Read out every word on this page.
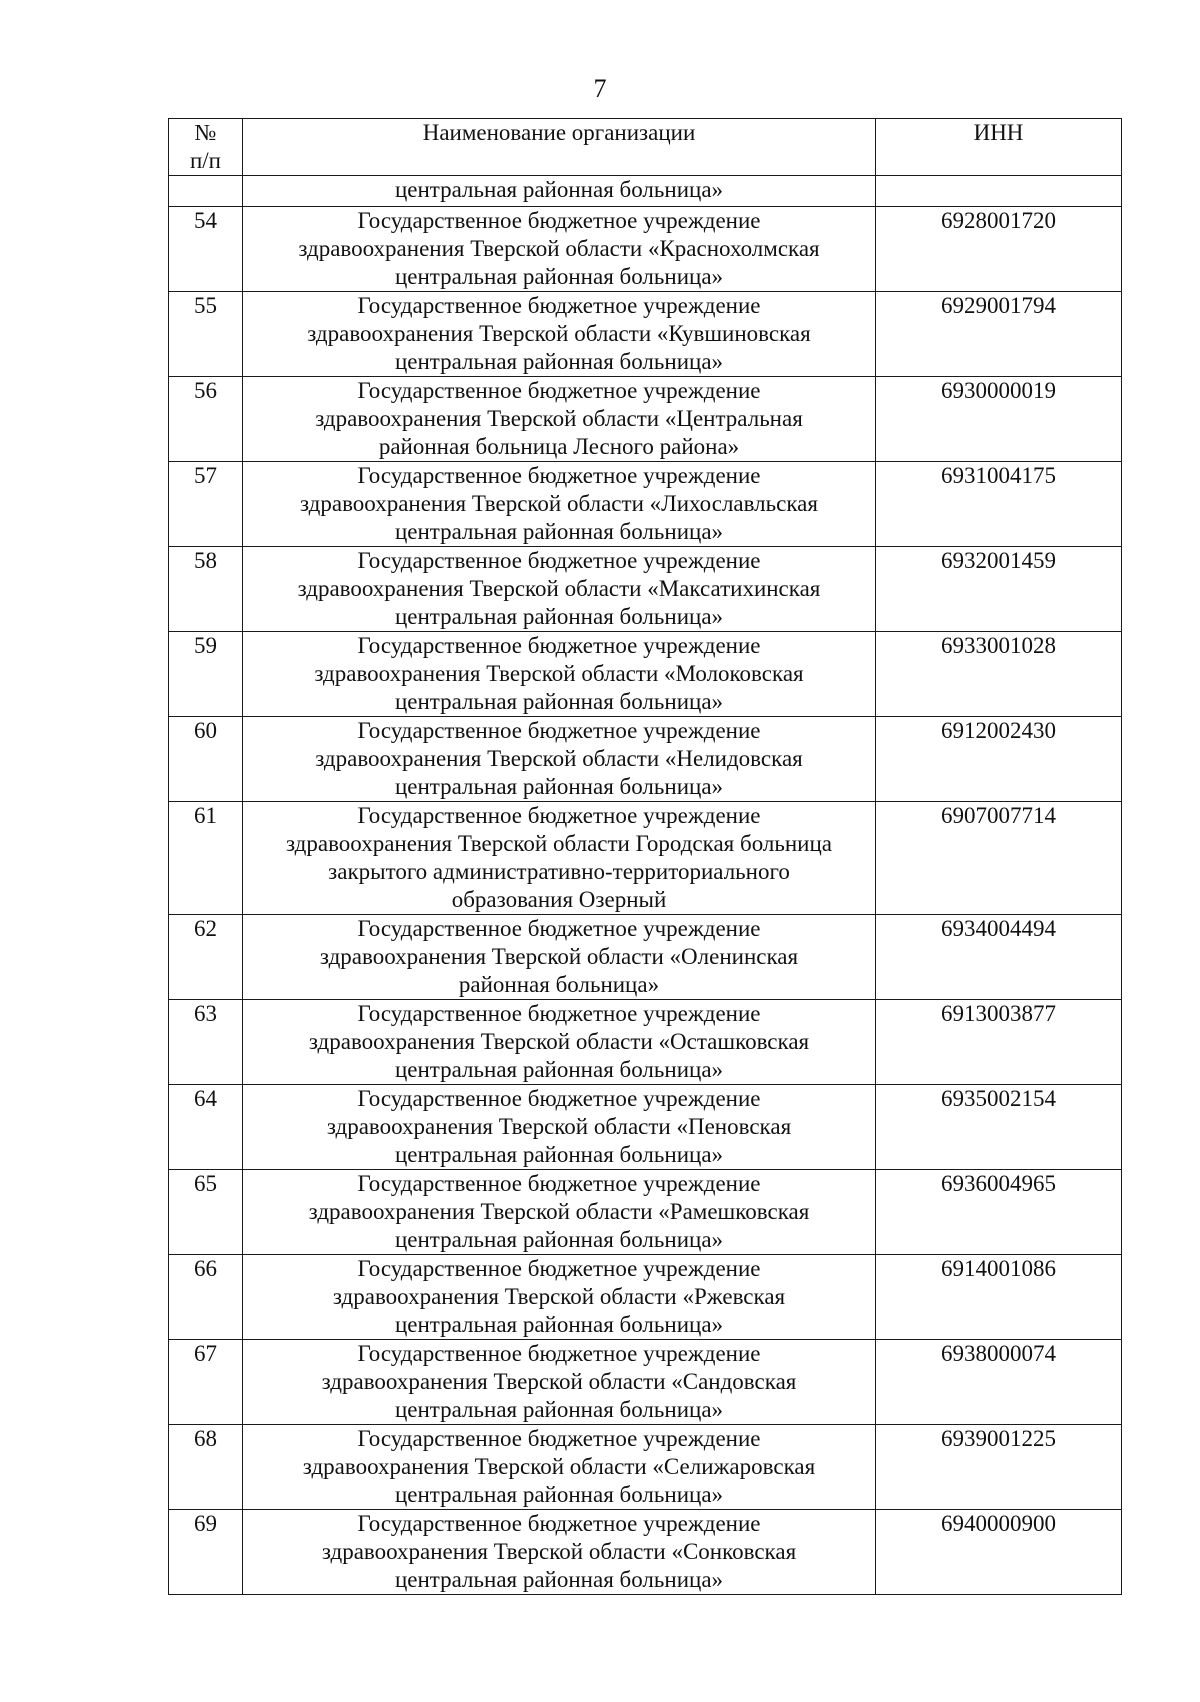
7
№
п/п	Наименование организации	ИНН
	центральная районная больница»	
54	Государственное бюджетное учреждение
здравоохранения Тверской области «Краснохолмская
центральная районная больница»	6928001720
55	Государственное бюджетное учреждение
здравоохранения Тверской области «Кувшиновская
центральная районная больница»	6929001794
56	Государственное бюджетное учреждение
здравоохранения Тверской области «Центральная
районная больница Лесного района»	6930000019
57	Государственное бюджетное учреждение
здравоохранения Тверской области «Лихославльская
центральная районная больница»	6931004175
58	Государственное бюджетное учреждение
здравоохранения Тверской области «Максатихинская
центральная районная больница»	6932001459
59	Государственное бюджетное учреждение
здравоохранения Тверской области «Молоковская
центральная районная больница»	6933001028
60	Государственное бюджетное учреждение
здравоохранения Тверской области «Нелидовская
центральная районная больница»	6912002430
61	Государственное бюджетное учреждение
здравоохранения Тверской области Городская больница
закрытого административно-территориального
образования Озерный	6907007714
62	Государственное бюджетное учреждение
здравоохранения Тверской области «Оленинская
районная больница»	6934004494
63	Государственное бюджетное учреждение
здравоохранения Тверской области «Осташковская
центральная районная больница»	6913003877
64	Государственное бюджетное учреждение
здравоохранения Тверской области «Пеновская
центральная районная больница»	6935002154
65	Государственное бюджетное учреждение
здравоохранения Тверской области «Рамешковская
центральная районная больница»	6936004965
66	Государственное бюджетное учреждение
здравоохранения Тверской области «Ржевская
центральная районная больница»	6914001086
67	Государственное бюджетное учреждение
здравоохранения Тверской области «Сандовская
центральная районная больница»	6938000074
68	Государственное бюджетное учреждение
здравоохранения Тверской области «Селижаровская
центральная районная больница»	6939001225
69	Государственное бюджетное учреждение
здравоохранения Тверской области «Сонковская
центральная районная больница»	6940000900
